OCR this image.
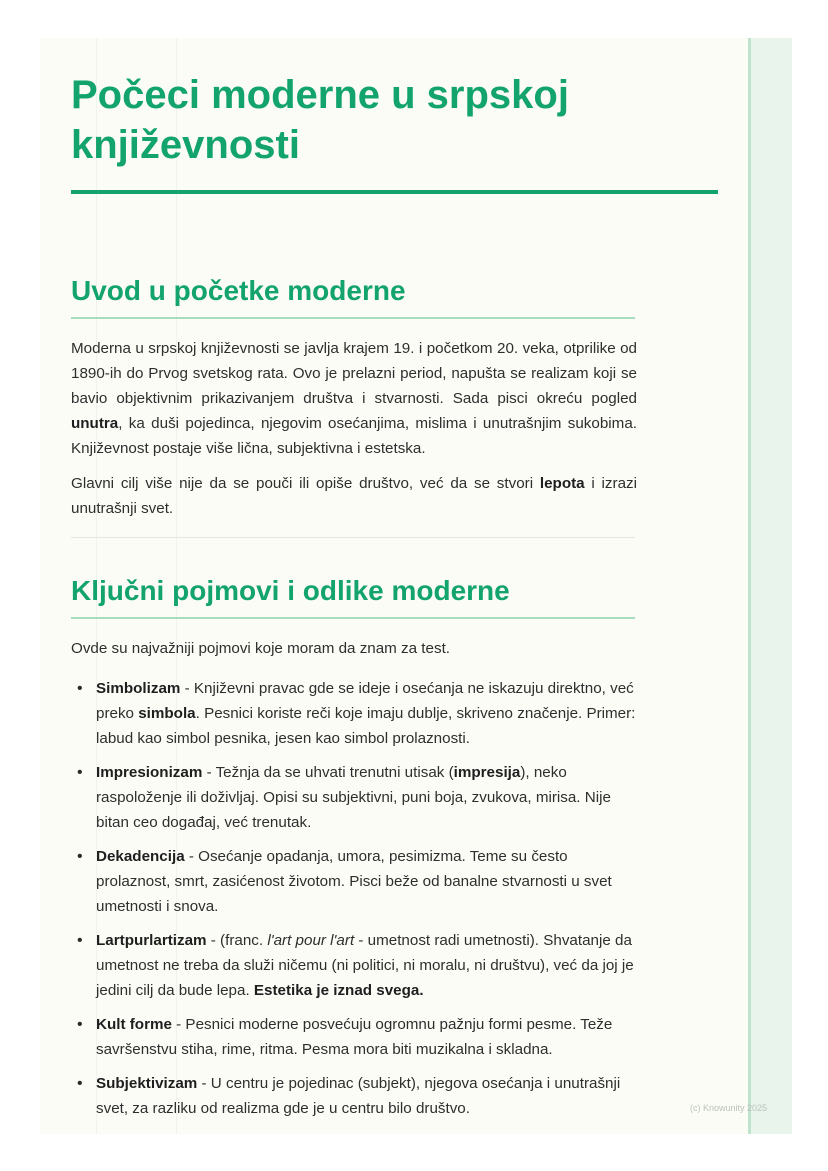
Počeci moderne u srpskoj književnosti
Uvod u početke moderne

Moderna u srpskoj književnosti se javlja krajem 19. i početkom 20. veka, otprilike od 1890-ih do Prvog svetskog rata. Ovo je prelazni period, napušta se realizam koji se bavio objektivnim prikazivanjem društva i stvarnosti. Sada pisci okreću pogled unutra, ka duši pojedinca, njegovim osećanjima, mislima i unutrašnjim sukobima. Književnost postaje više lična, subjektivna i estetska.

Glavni cilj više nije da se pouči ili opiše društvo, već da se stvori lepota i izrazi unutrašnji svet.

Ključni pojmovi i odlike moderne

Ovde su najvažniji pojmovi koje moram da znam za test.

• Simbolizam - Književni pravac gde se ideje i osećanja ne iskazuju direktno, već preko simbola. Pesnici koriste reči koje imaju dublje, skriveno značenje. Primer: labud kao simbol pesnika, jesen kao simbol prolaznosti.
• Impresionizam - Težnja da se uhvati trenutni utisak (impresija), neko raspoloženje ili doživljaj. Opisi su subjektivni, puni boja, zvukova, mirisa. Nije bitan ceo događaj, već trenutak.
• Dekadencija - Osećanje opadanja, umora, pesimizma. Teme su često prolaznost, smrt, zasićenost životom. Pisci beže od banalne stvarnosti u svet umetnosti i snova.
• Lartpurlartizam - (franc. l'art pour l'art - umetnost radi umetnosti). Shvatanje da umetnost ne treba da služi ničemu (ni politici, ni moralu, ni društvu), već da joj je jedini cilj da bude lepa. Estetika je iznad svega.
• Kult forme - Pesnici moderne posvećuju ogromnu pažnju formi pesme. Teže savršenstvu stiha, rime, ritma. Pesma mora biti muzikalna i skladna.
• Subjektivizam - U centru je pojedinac (subjekt), njegova osećanja i unutrašnji svet, za razliku od realizma gde je u centru bilo društvo.	(c) Knowunity 2025
